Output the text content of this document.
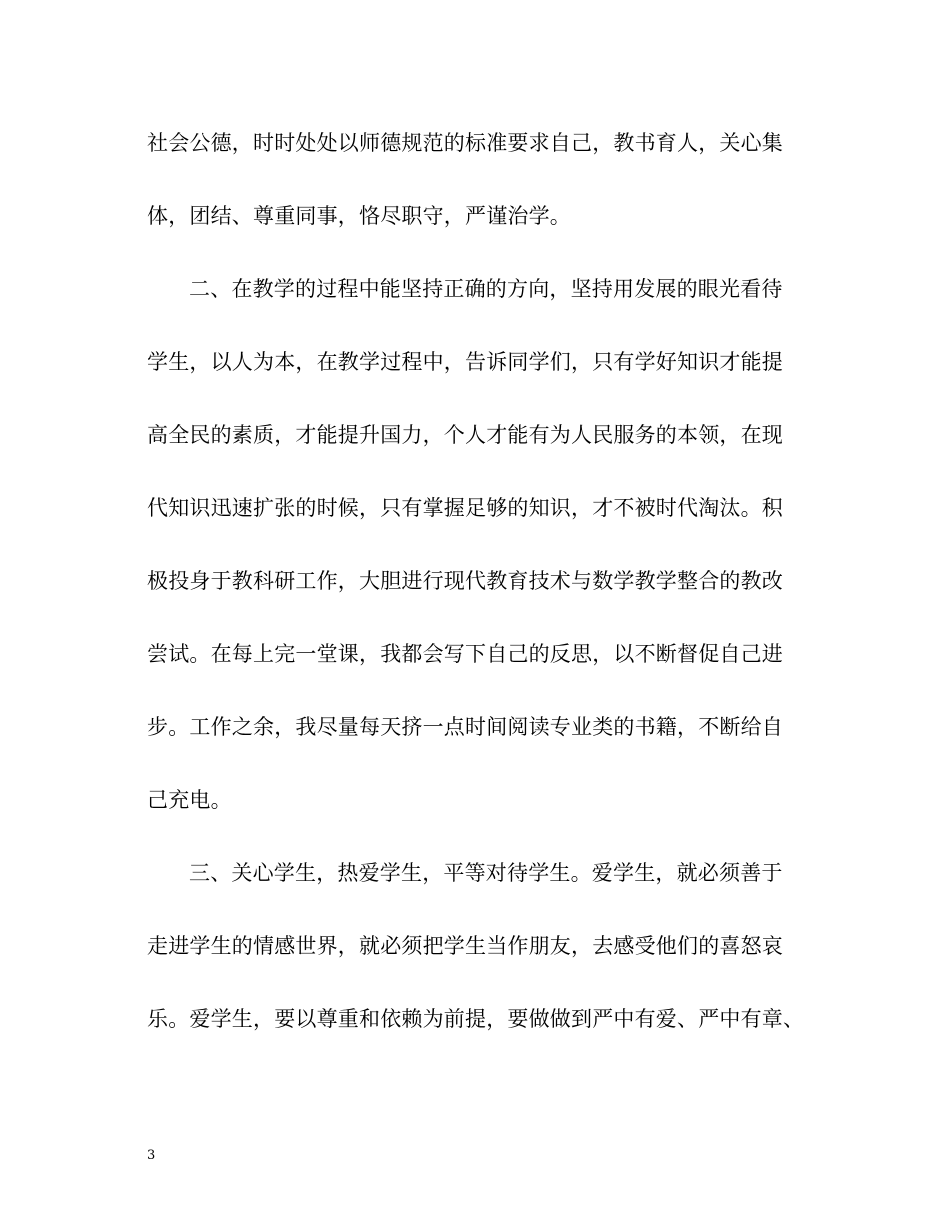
社会公德，时时处处以师德规范的标准要求自己，教书育人，关心集
体，团结、尊重同事，恪尽职守，严谨治学。
二、在教学的过程中能坚持正确的方向，坚持用发展的眼光看待
学生，以人为本，在教学过程中，告诉同学们，只有学好知识才能提
高全民的素质，才能提升国力，个人才能有为人民服务的本领，在现
代知识迅速扩张的时候，只有掌握足够的知识，才不被时代淘汰。积
极投身于教科研工作，大胆进行现代教育技术与数学教学整合的教改
尝试。在每上完一堂课，我都会写下自己的反思，以不断督促自己进
步。工作之余，我尽量每天挤一点时间阅读专业类的书籍，不断给自
己充电。
三、关心学生，热爱学生，平等对待学生。爱学生，就必须善于
走进学生的情感世界，就必须把学生当作朋友，去感受他们的喜怒哀
乐。爱学生，要以尊重和依赖为前提，要做做到严中有爱、严中有章、
3
